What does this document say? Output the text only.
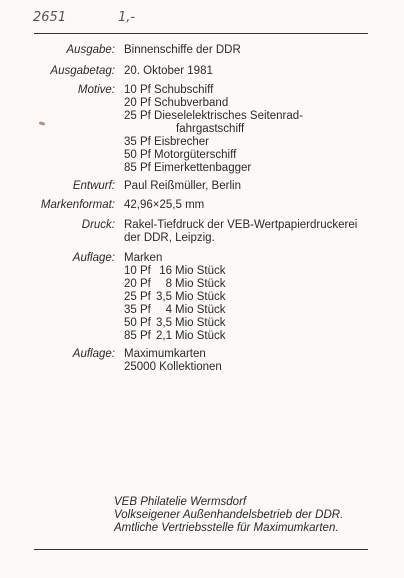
2651	1,-
Ausgabe: Binnenschiffe der DDR
Ausgabetag: 20. Oktober 1981
Motive: 10 Pf Schubschiff
20 Pf Schubverband
25 Pf Dieselelektrisches Seitenrad-
fahrgastschiff
35 Pf Eisbrecher
50 Pf Motorgüterschiff
85 Pf Eimerkettenbagger
Entwurf: Paul Reißmüller, Berlin
Markenformat: 42,96×25,5 mm
Druck: Rakel-Tiefdruck der VEB-Wertpapierdruckerei
der DDR, Leipzig.
Auflage: Marken
10 Pf 16 Mio Stück
20 Pf	8 Mio Stück
25 Pf 3,5 Mio Stück
35 Pf	4 Mio Stück
50 Pf 3,5 Mio Stück
85 Pf 2,1 Mio Stück
Auflage: Maximumkarten
25000 Kollektionen
VEB Philatelie Wermsdorf
Volkseigener Außenhandelsbetrieb der DDR.
Amtliche Vertriebsstelle für Maximumkarten.
